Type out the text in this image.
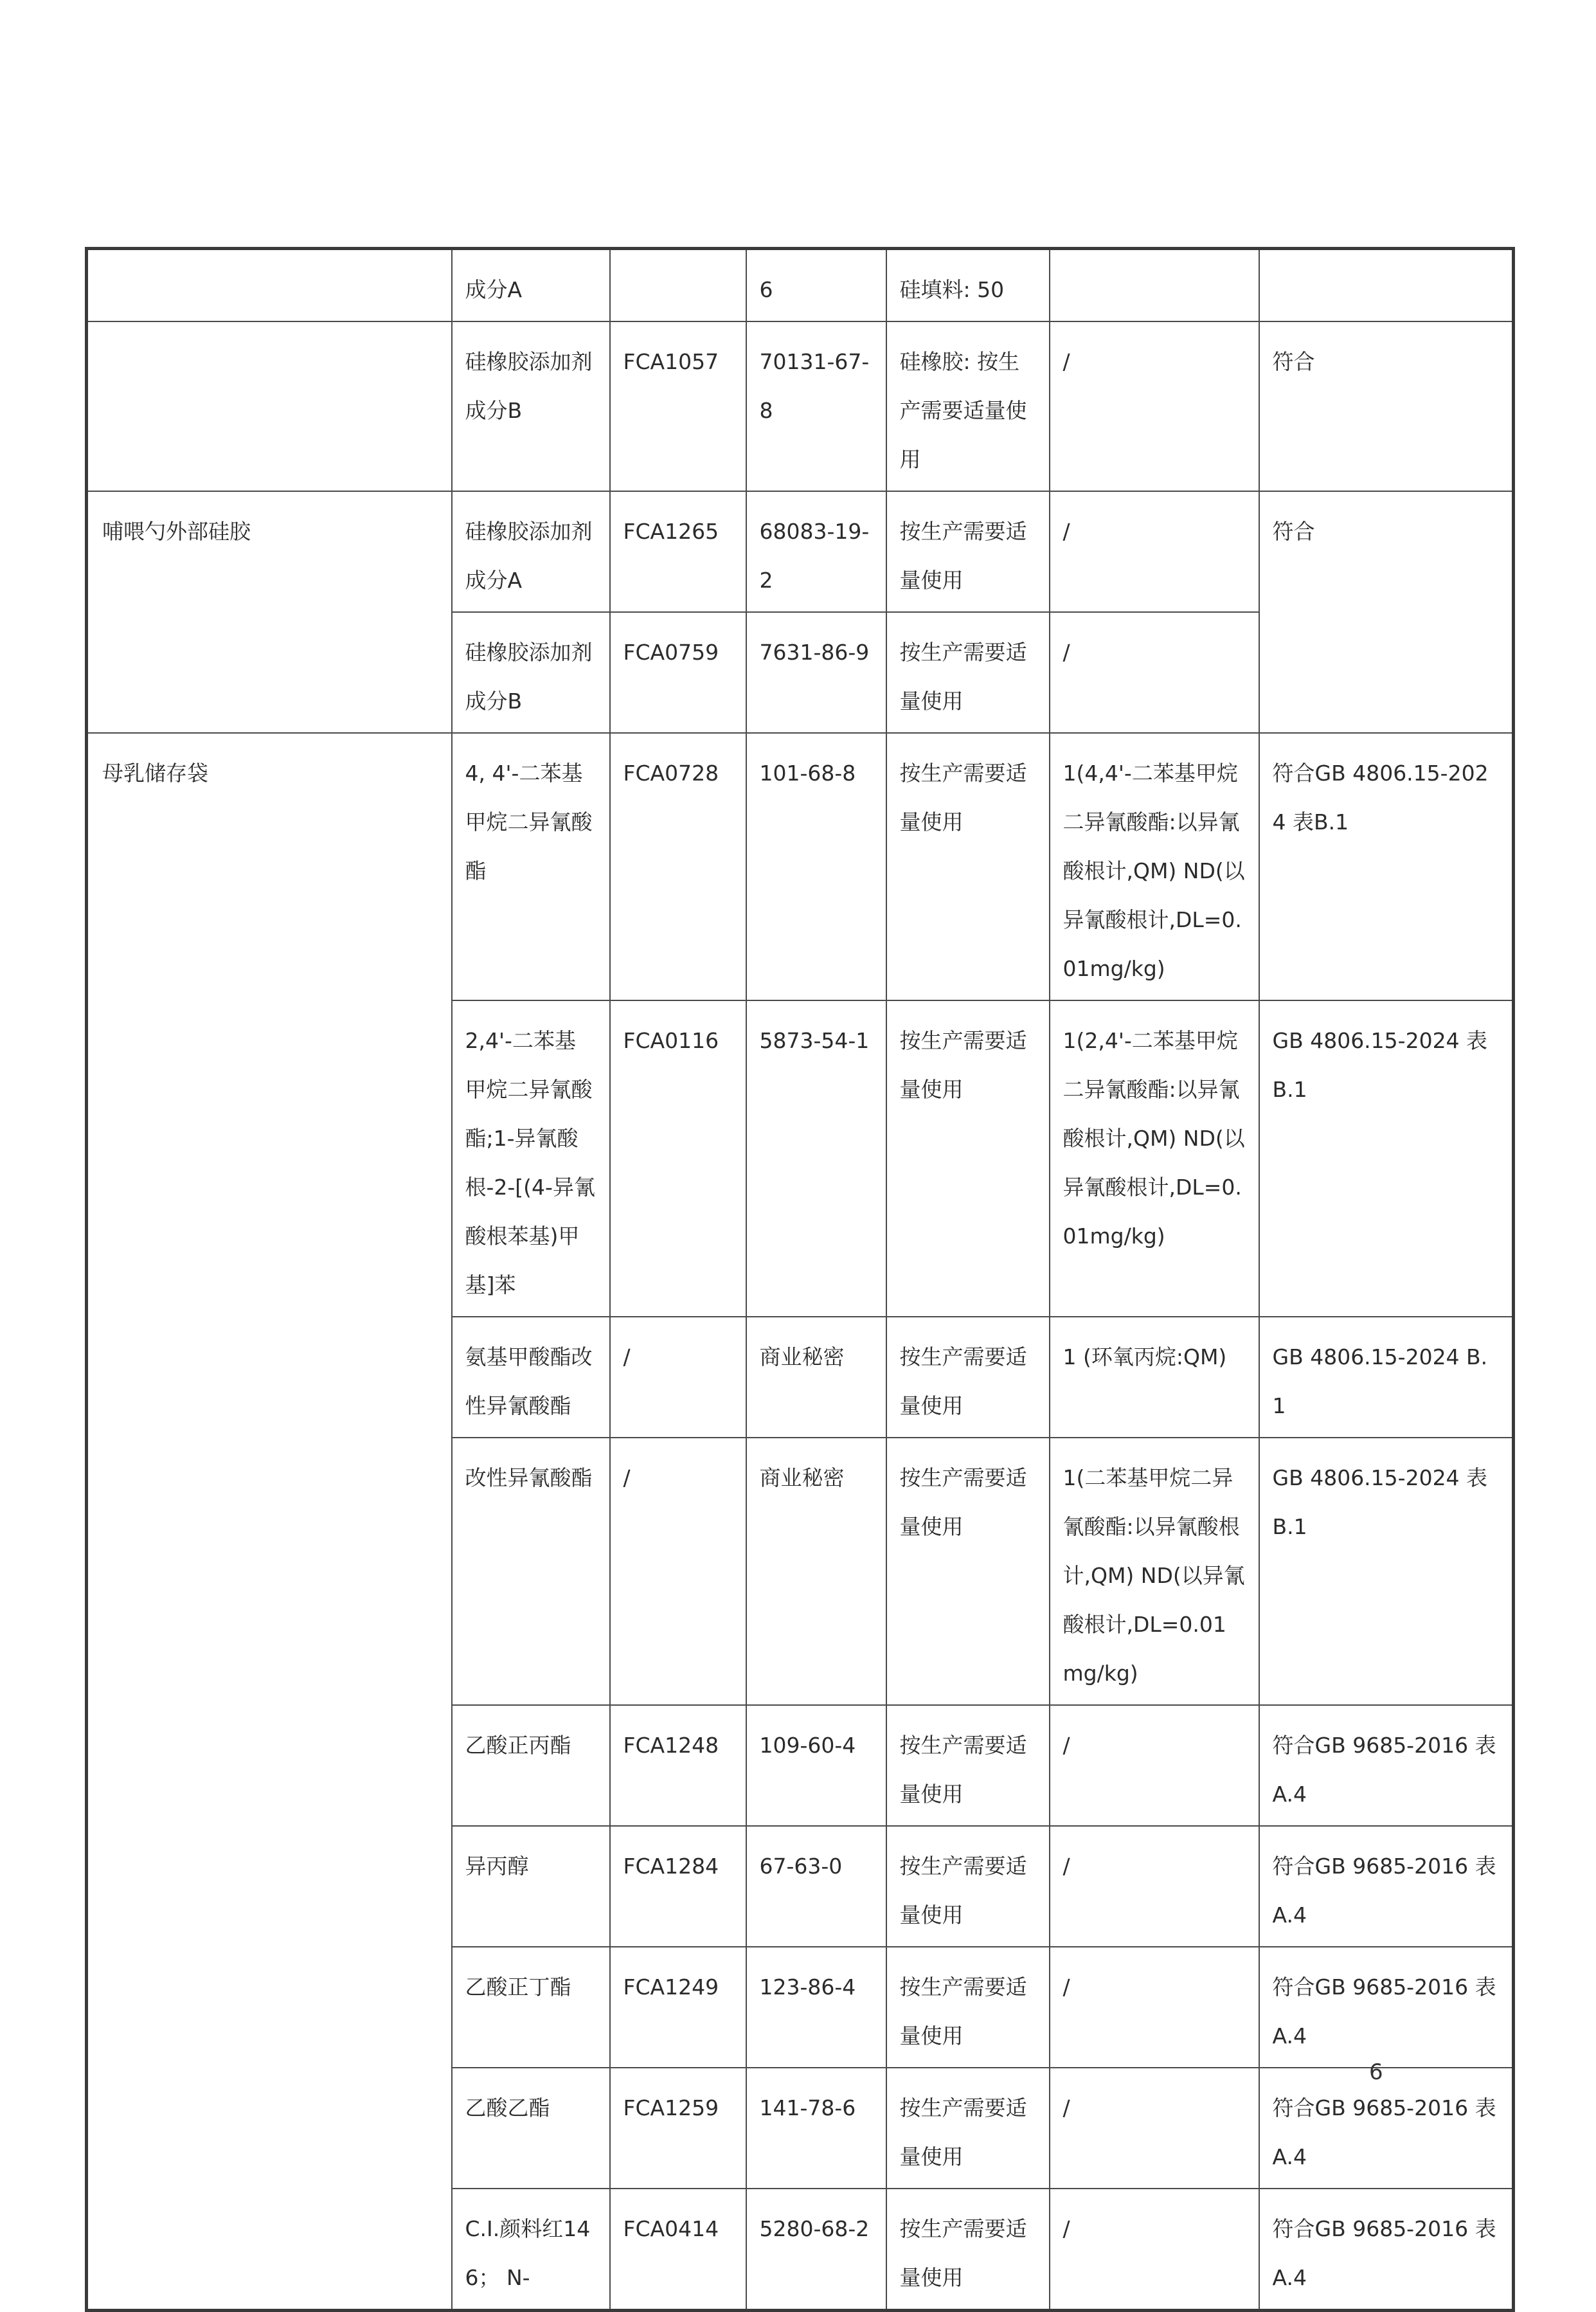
	成分A		6	硅填料: 50		
	硅橡胶添加剂成分B	FCA1057	70131-67-8	硅橡胶: 按生产需要适量使用	/	符合
哺喂勺外部硅胶	硅橡胶添加剂成分A	FCA1265	68083-19-2	按生产需要适量使用	/	符合
	硅橡胶添加剂成分B	FCA0759	7631-86-9	按生产需要适量使用	/	
母乳储存袋	4, 4'-二苯基甲烷二异氰酸酯	FCA0728	101-68-8	按生产需要适量使用	1(4,4'-二苯基甲烷二异氰酸酯:以异氰酸根计,QM) ND(以异氰酸根计,DL=0.01mg/kg)	符合GB 4806.15-2024 表B.1
	2,4'-二苯基甲烷二异氰酸酯;1-异氰酸根-2-[(4-异氰酸根苯基)甲基]苯	FCA0116	5873-54-1	按生产需要适量使用	1(2,4'-二苯基甲烷二异氰酸酯:以异氰酸根计,QM) ND(以异氰酸根计,DL=0.01mg/kg)	GB 4806.15-2024 表B.1
	氨基甲酸酯改性异氰酸酯	/	商业秘密	按生产需要适量使用	1 (环氧丙烷:QM)	GB 4806.15-2024 B.1
	改性异氰酸酯	/	商业秘密	按生产需要适量使用	1(二苯基甲烷二异氰酸酯:以异氰酸根计,QM) ND(以异氰酸根计,DL=0.01mg/kg)	GB 4806.15-2024 表B.1
	乙酸正丙酯	FCA1248	109-60-4	按生产需要适量使用	/	符合GB 9685-2016 表A.4
	异丙醇	FCA1284	67-63-0	按生产需要适量使用	/	符合GB 9685-2016 表A.4
	乙酸正丁酯	FCA1249	123-86-4	按生产需要适量使用	/	符合GB 9685-2016 表A.4
	乙酸乙酯	FCA1259	141-78-6	按生产需要适量使用	/	符合GB 9685-2016 表A.4
	C.I.颜料红146； N-	FCA0414	5280-68-2	按生产需要适量使用	/	符合GB 9685-2016 表A.4
6
